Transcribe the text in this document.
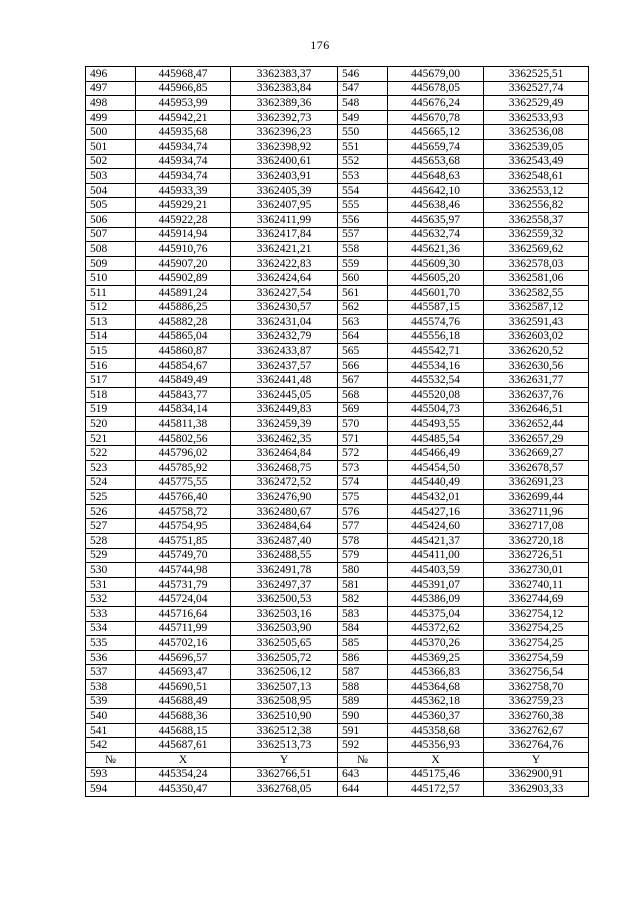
176
496	445968,47	3362383,37	546	445679,00	3362525,51
497	445966,85	3362383,84	547	445678,05	3362527,74
498	445953,99	3362389,36	548	445676,24	3362529,49
499	445942,21	3362392,73	549	445670,78	3362533,93
500	445935,68	3362396,23	550	445665,12	3362536,08
501	445934,74	3362398,92	551	445659,74	3362539,05
502	445934,74	3362400,61	552	445653,68	3362543,49
503	445934,74	3362403,91	553	445648,63	3362548,61
504	445933,39	3362405,39	554	445642,10	3362553,12
505	445929,21	3362407,95	555	445638,46	3362556,82
506	445922,28	3362411,99	556	445635,97	3362558,37
507	445914,94	3362417,84	557	445632,74	3362559,32
508	445910,76	3362421,21	558	445621,36	3362569,62
509	445907,20	3362422,83	559	445609,30	3362578,03
510	445902,89	3362424,64	560	445605,20	3362581,06
511	445891,24	3362427,54	561	445601,70	3362582,55
512	445886,25	3362430,57	562	445587,15	3362587,12
513	445882,28	3362431,04	563	445574,76	3362591,43
514	445865,04	3362432,79	564	445556,18	3362603,02
515	445860,87	3362433,87	565	445542,71	3362620,52
516	445854,67	3362437,57	566	445534,16	3362630,56
517	445849,49	3362441,48	567	445532,54	3362631,77
518	445843,77	3362445,05	568	445520,08	3362637,76
519	445834,14	3362449,83	569	445504,73	3362646,51
520	445811,38	3362459,39	570	445493,55	3362652,44
521	445802,56	3362462,35	571	445485,54	3362657,29
522	445796,02	3362464,84	572	445466,49	3362669,27
523	445785,92	3362468,75	573	445454,50	3362678,57
524	445775,55	3362472,52	574	445440,49	3362691,23
525	445766,40	3362476,90	575	445432,01	3362699,44
526	445758,72	3362480,67	576	445427,16	3362711,96
527	445754,95	3362484,64	577	445424,60	3362717,08
528	445751,85	3362487,40	578	445421,37	3362720,18
529	445749,70	3362488,55	579	445411,00	3362726,51
530	445744,98	3362491,78	580	445403,59	3362730,01
531	445731,79	3362497,37	581	445391,07	3362740,11
532	445724,04	3362500,53	582	445386,09	3362744,69
533	445716,64	3362503,16	583	445375,04	3362754,12
534	445711,99	3362503,90	584	445372,62	3362754,25
535	445702,16	3362505,65	585	445370,26	3362754,25
536	445696,57	3362505,72	586	445369,25	3362754,59
537	445693,47	3362506,12	587	445366,83	3362756,54
538	445690,51	3362507,13	588	445364,68	3362758,70
539	445688,49	3362508,95	589	445362,18	3362759,23
540	445688,36	3362510,90	590	445360,37	3362760,38
541	445688,15	3362512,38	591	445358,68	3362762,67
542	445687,61	3362513,73	592	445356,93	3362764,76
№	X	Y	№	X	Y
593	445354,24	3362766,51	643	445175,46	3362900,91
594	445350,47	3362768,05	644	445172,57	3362903,33
